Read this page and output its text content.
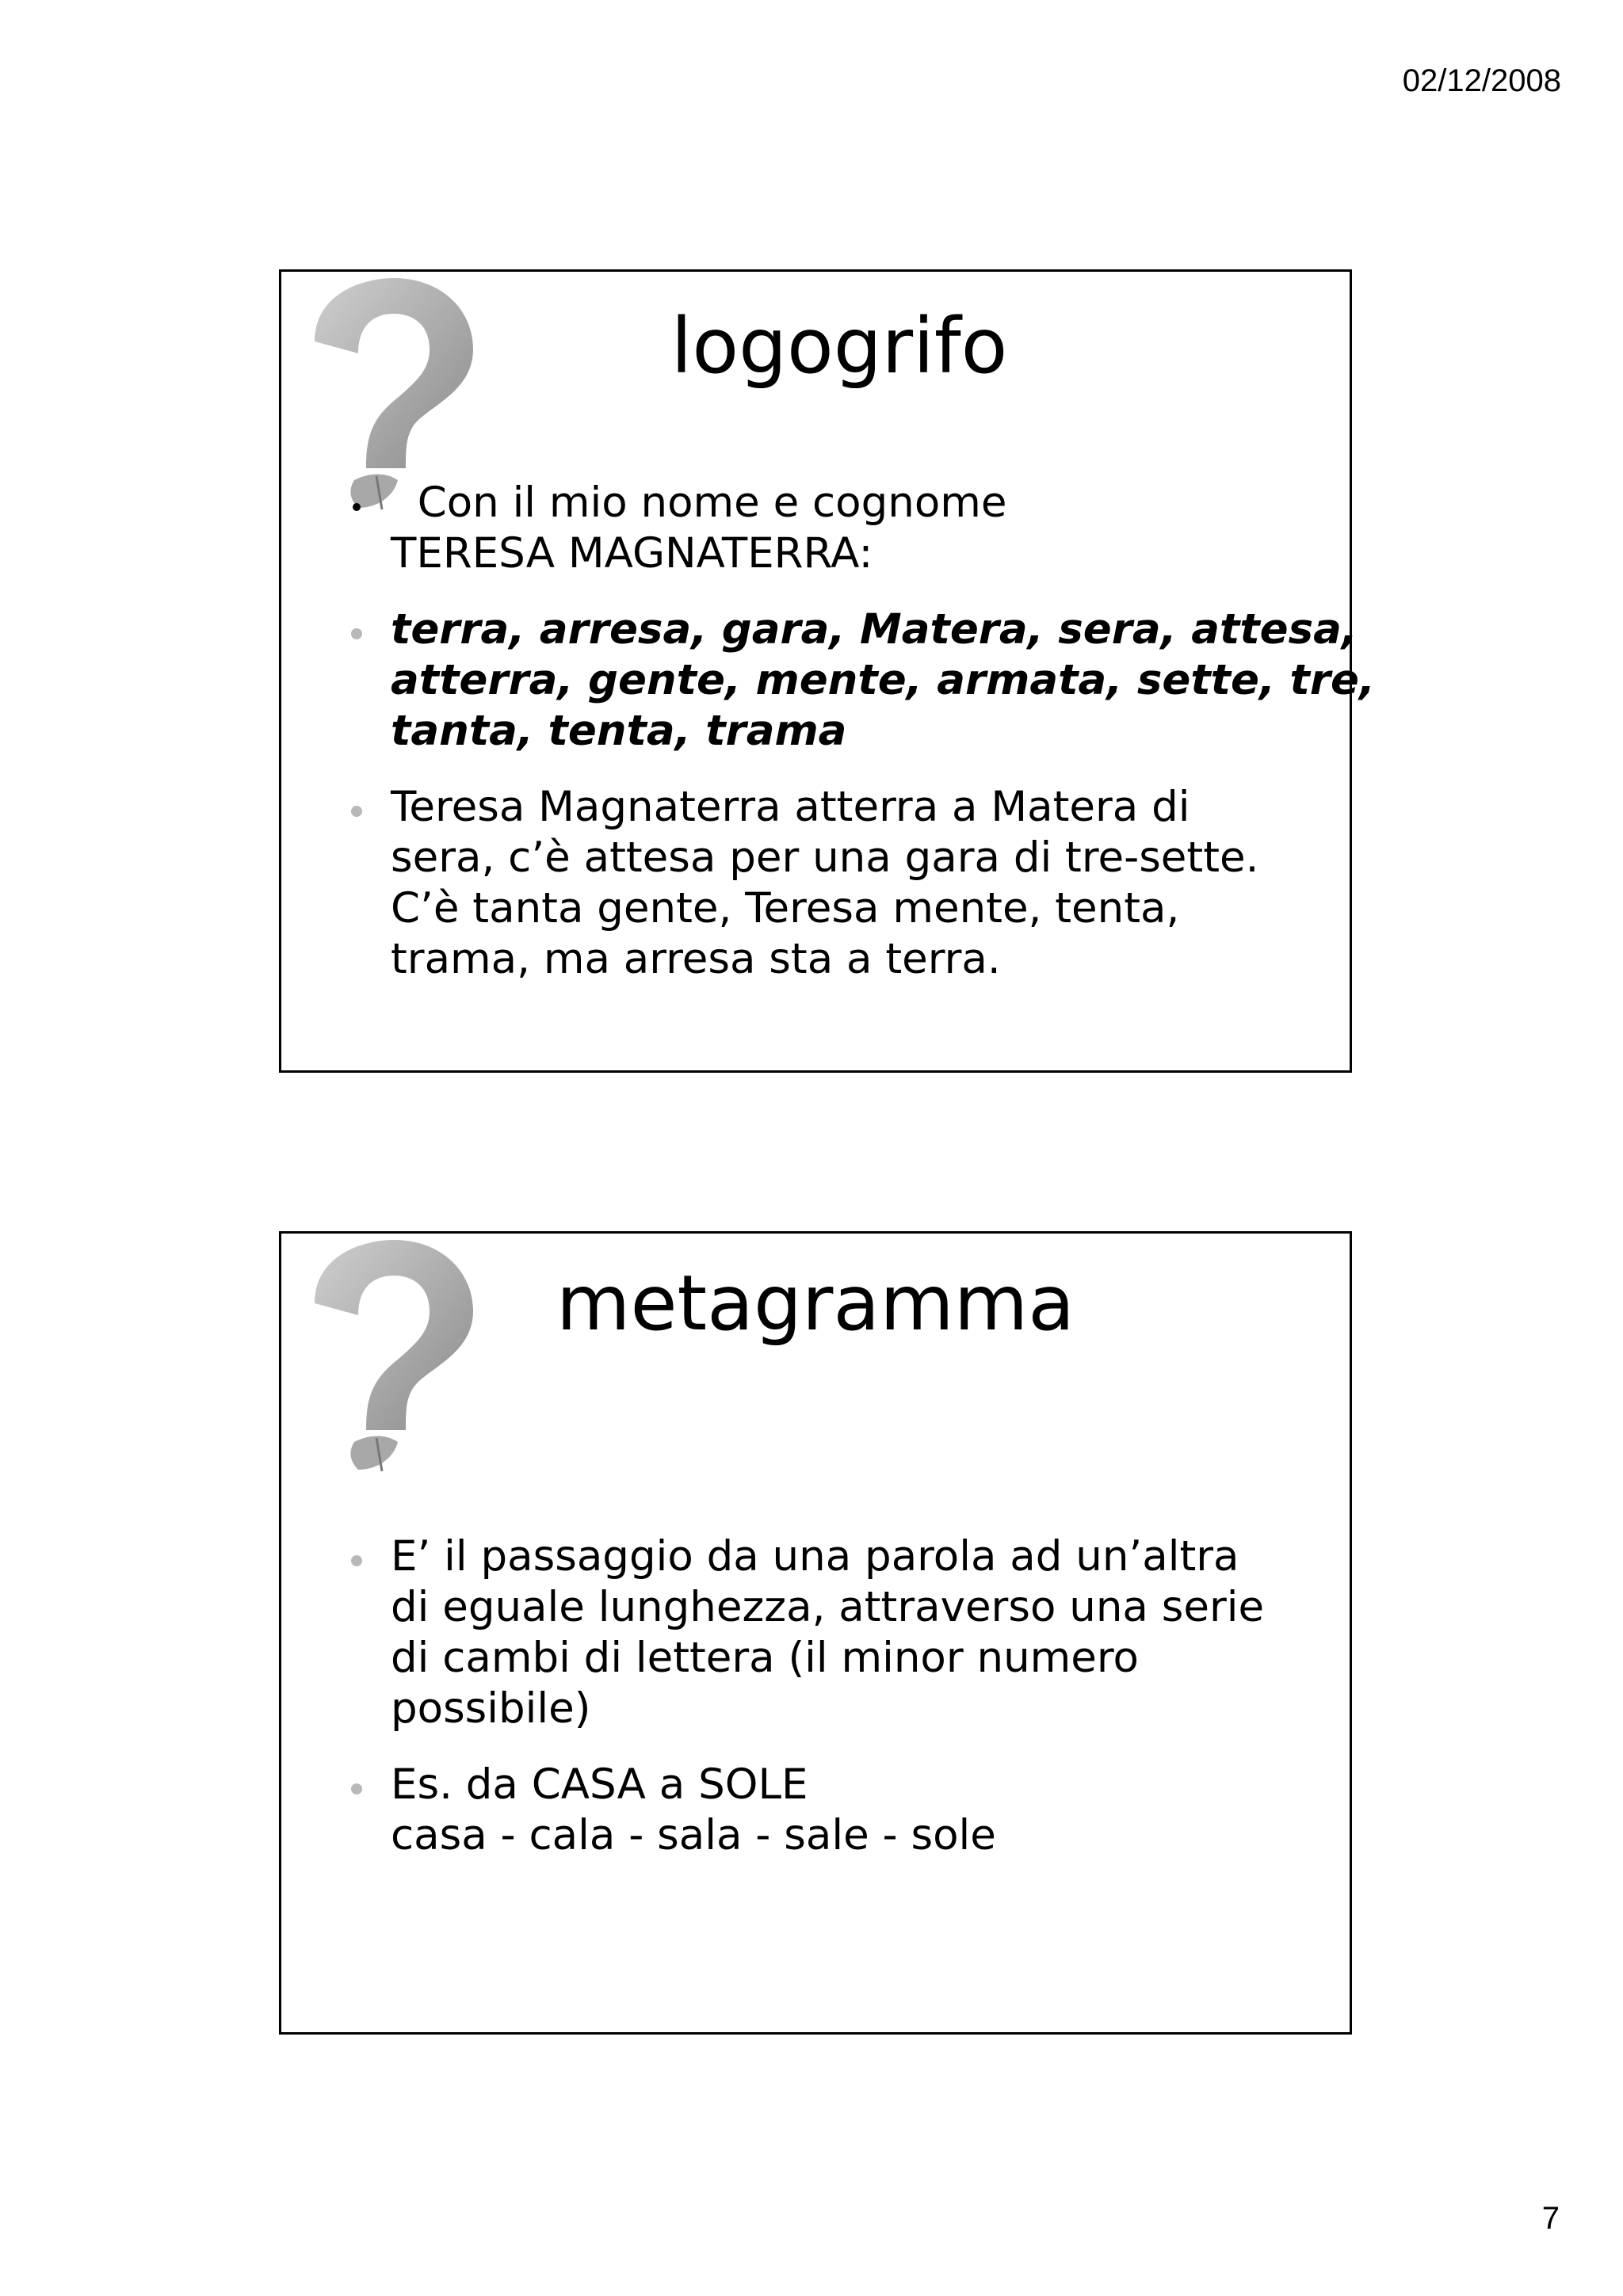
02/12/2008
logogrifo
Con il mio nome e cognome
TERESA MAGNATERRA:
terra, arresa, gara, Matera, sera, attesa,
atterra, gente, mente, armata, sette, tre,
tanta, tenta, trama
Teresa Magnaterra atterra a Matera di
sera, c’è attesa per una gara di tre-sette.
C’è tanta gente, Teresa mente, tenta,
trama, ma arresa sta a terra.
metagramma
E’ il passaggio da una parola ad un’altra
di eguale lunghezza, attraverso una serie
di cambi di lettera (il minor numero
possibile)
Es. da CASA a SOLE
casa - cala - sala - sale - sole
7
